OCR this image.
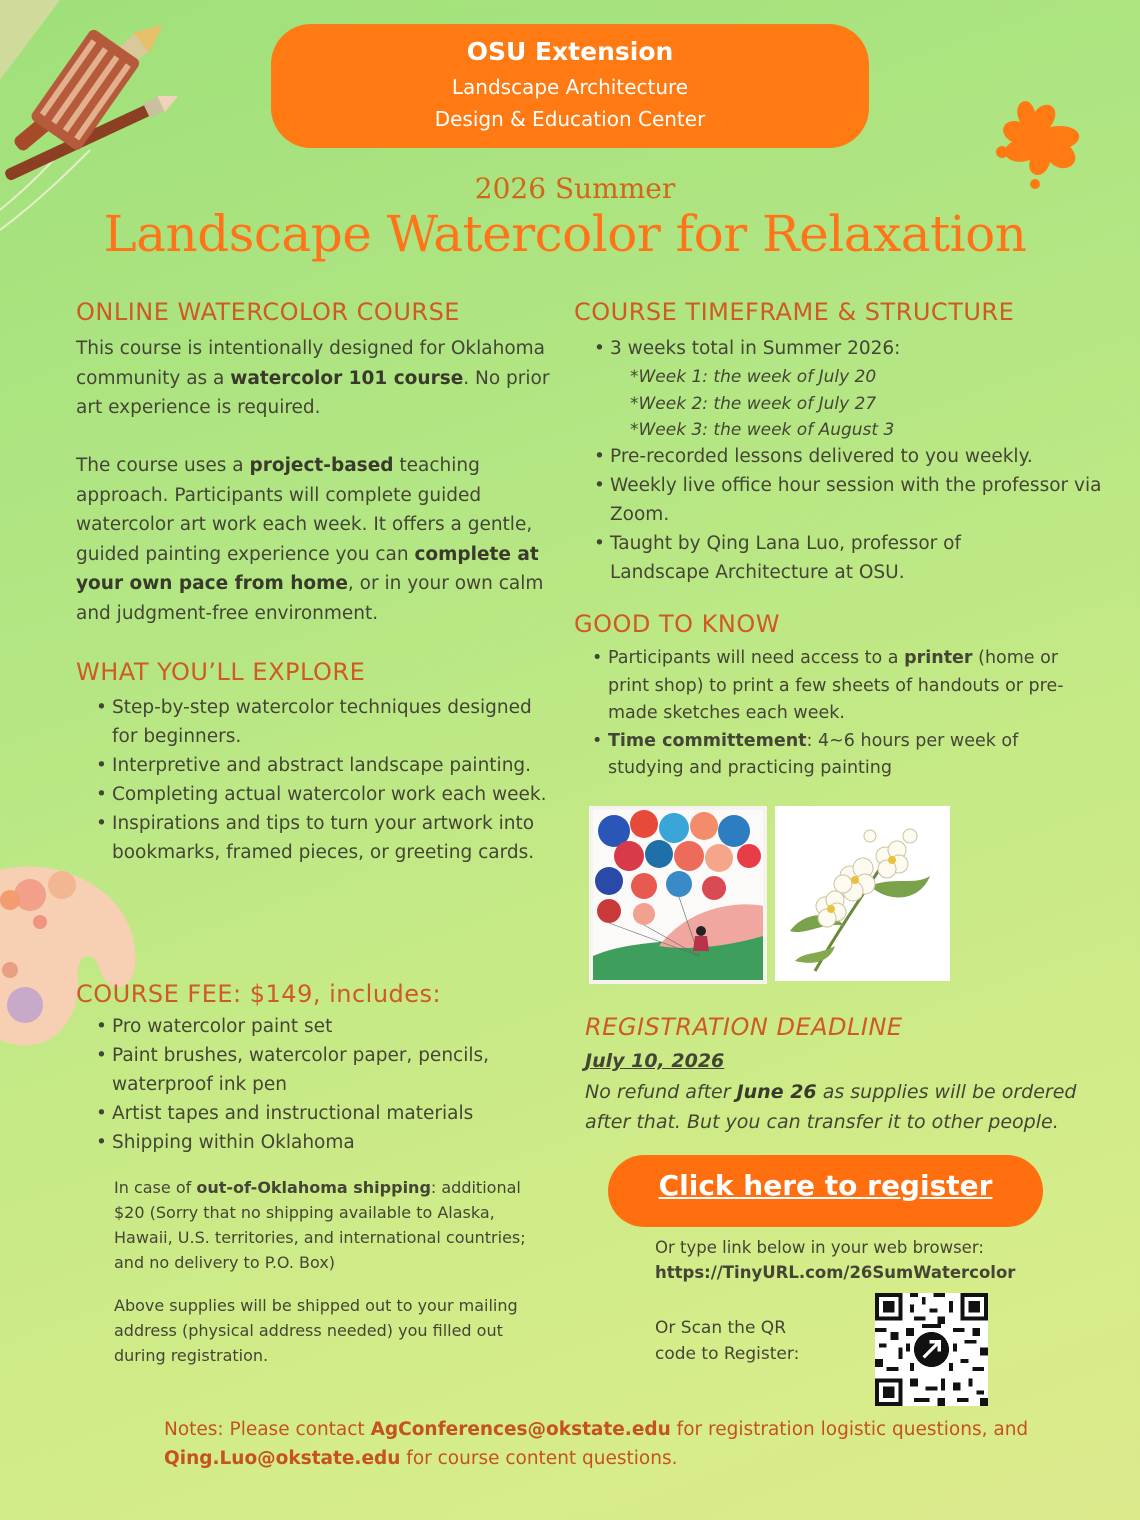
OSU Extension
Landscape Architecture
Design & Education Center
2026 Summer
Landscape Watercolor for Relaxation
ONLINE WATERCOLOR COURSE
This course is intentionally designed for Oklahoma community as a watercolor 101 course. No prior art experience is required.
The course uses a project-based teaching approach. Participants will complete guided watercolor art work each week. It offers a gentle, guided painting experience you can complete at your own pace from home, or in your own calm and judgment-free environment.
WHAT YOU’LL EXPLORE
• Step-by-step watercolor techniques designed for beginners.
• Interpretive and abstract landscape painting.
• Completing actual watercolor work each week.
• Inspirations and tips to turn your artwork into bookmarks, framed pieces, or greeting cards.
COURSE FEE: $149, includes:
• Pro watercolor paint set
• Paint brushes, watercolor paper, pencils, waterproof ink pen
• Artist tapes and instructional materials
• Shipping within Oklahoma
In case of out-of-Oklahoma shipping: additional $20 (Sorry that no shipping available to Alaska, Hawaii, U.S. territories, and international countries; and no delivery to P.O. Box)
Above supplies will be shipped out to your mailing address (physical address needed) you filled out during registration.
COURSE TIMEFRAME & STRUCTURE
• 3 weeks total in Summer 2026:
*Week 1: the week of July 20
*Week 2: the week of July 27
*Week 3: the week of August 3
• Pre-recorded lessons delivered to you weekly.
• Weekly live office hour session with the professor via Zoom.
• Taught by Qing Lana Luo, professor of Landscape Architecture at OSU.
GOOD TO KNOW
• Participants will need access to a printer (home or print shop) to print a few sheets of handouts or pre-made sketches each week.
• Time committement: 4~6 hours per week of studying and practicing painting
REGISTRATION DEADLINE
July 10, 2026
No refund after June 26 as supplies will be ordered after that. But you can transfer it to other people.
Click here to register
Or type link below in your web browser:
https://TinyURL.com/26SumWatercolor
Or Scan the QR code to Register:
Notes: Please contact AgConferences@okstate.edu for registration logistic questions, and Qing.Luo@okstate.edu for course content questions.
